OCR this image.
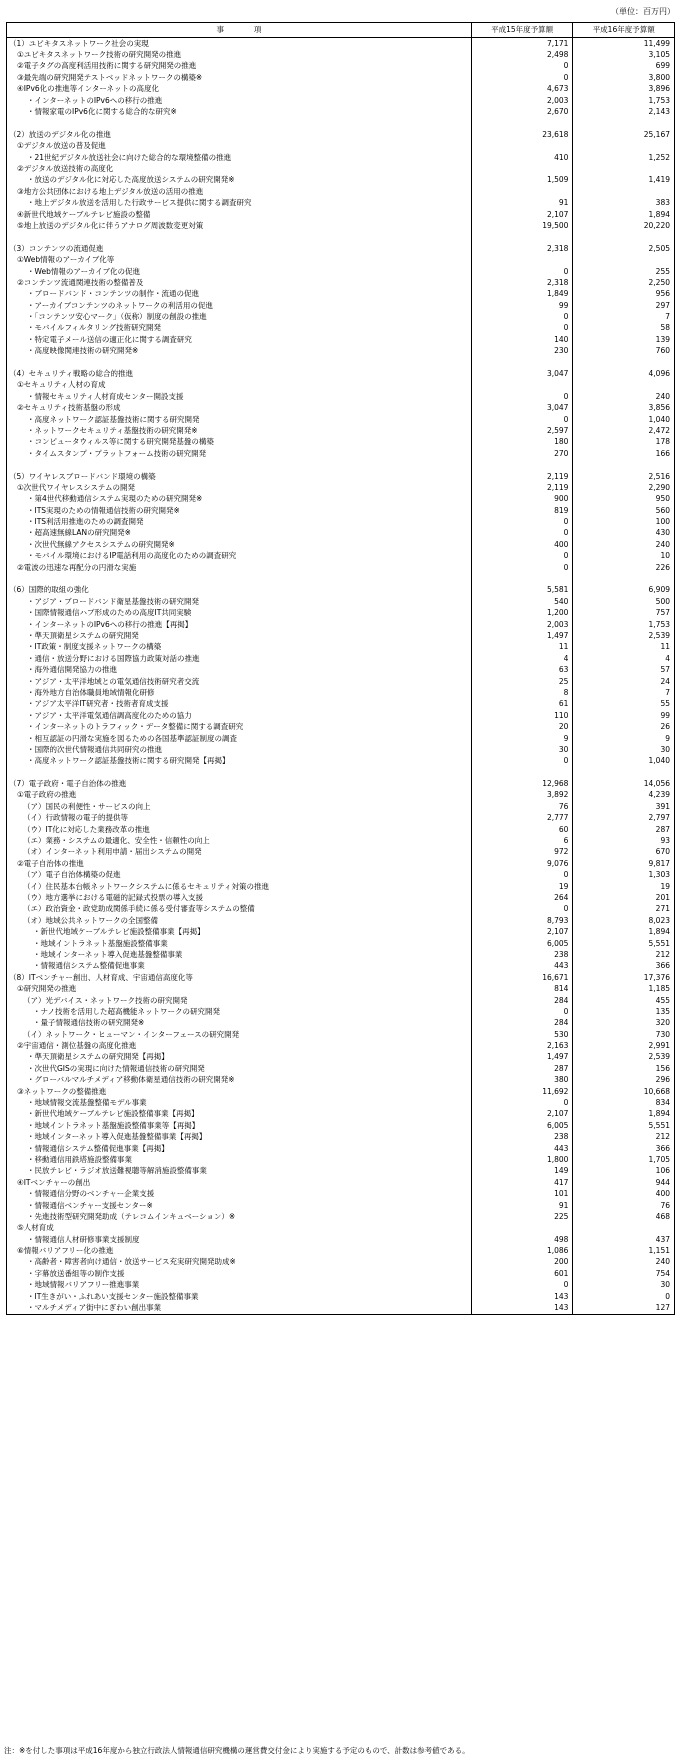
（単位：百万円）
事　　　　項	平成15年度予算額	平成16年度予算額
（1）ユビキタスネットワーク社会の実現	7,171	11,499
①ユビキタスネットワーク技術の研究開発の推進	2,498	3,105
②電子タグの高度利活用技術に関する研究開発の推進	0	699
③最先端の研究開発テストベッドネットワークの構築※	0	3,800
④IPv6化の推進等インターネットの高度化	4,673	3,896
・インターネットのIPv6への移行の推進	2,003	1,753
・情報家電のIPv6化に関する総合的な研究※	2,670	2,143

（2）放送のデジタル化の推進	23,618	25,167
①デジタル放送の普及促進		
・21世紀デジタル放送社会に向けた総合的な環境整備の推進	410	1,252
②デジタル放送技術の高度化		
・放送のデジタル化に対応した高度放送システムの研究開発※	1,509	1,419
③地方公共団体における地上デジタル放送の活用の推進		
・地上デジタル放送を活用した行政サービス提供に関する調査研究	91	383
④新世代地域ケーブルテレビ施設の整備	2,107	1,894
⑤地上放送のデジタル化に伴うアナログ周波数変更対策	19,500	20,220

（3）コンテンツの流通促進	2,318	2,505
①Web情報のアーカイブ化等		
・Web情報のアーカイブ化の促進	0	255
②コンテンツ流通関連技術の整備普及	2,318	2,250
・ブロードバンド・コンテンツの制作・流通の促進	1,849	956
・アーカイブコンテンツのネットワークの利活用の促進	99	297
・「コンテンツ安心マーク」（仮称）制度の創設の推進	0	7
・モバイルフィルタリング技術研究開発	0	58
・特定電子メール送信の適正化に関する調査研究	140	139
・高度映像関連技術の研究開発※	230	760

（4）セキュリティ戦略の総合的推進	3,047	4,096
①セキュリティ人材の育成		
・情報セキュリティ人材育成センター開設支援	0	240
②セキュリティ技術基盤の形成	3,047	3,856
・高度ネットワーク認証基盤技術に関する研究開発	0	1,040
・ネットワークセキュリティ基盤技術の研究開発※	2,597	2,472
・コンピュータウィルス等に関する研究開発基盤の構築	180	178
・タイムスタンプ・プラットフォーム技術の研究開発	270	166

（5）ワイヤレスブロードバンド環境の構築	2,119	2,516
①次世代ワイヤレスシステムの開発	2,119	2,290
・第4世代移動通信システム実現のための研究開発※	900	950
・ITS実現のための情報通信技術の研究開発※	819	560
・ITS利活用推進のための調査開発	0	100
・超高速無線LANの研究開発※	0	430
・次世代無線アクセスシステムの研究開発※	400	240
・モバイル環境におけるIP電話利用の高度化のための調査研究	0	10
②電波の迅速な再配分の円滑な実施	0	226

（6）国際的取組の強化	5,581	6,909
・アジア・ブロードバンド衛星基盤技術の研究開発	540	500
・国際情報通信ハブ形成のための高度IT共同実験	1,200	757
・インターネットのIPv6への移行の推進【再掲】	2,003	1,753
・準天頂衛星システムの研究開発	1,497	2,539
・IT政策・制度支援ネットワークの構築	11	11
・通信・放送分野における国際協力政策対話の推進	4	4
・海外通信開発協力の推進	63	57
・アジア・太平洋地域との電気通信技術研究者交流	25	24
・海外地方自治体職員地域情報化研修	8	7
・アジア太平洋IT研究者・技術者育成支援	61	55
・アジア・太平洋電気通信調高度化のための協力	110	99
・インターネットのトラフィック・データ整備に関する調査研究	20	26
・相互認証の円滑な実施を図るための各国基準認証制度の調査	9	9
・国際的次世代情報通信共同研究の推進	30	30
・高度ネットワーク認証基盤技術に関する研究開発【再掲】	0	1,040

（7）電子政府・電子自治体の推進	12,968	14,056
①電子政府の推進	3,892	4,239
（ア）国民の利便性・サービスの向上	76	391
（イ）行政情報の電子的提供等	2,777	2,797
（ウ）IT化に対応した業務改革の推進	60	287
（エ）業務・システムの最適化、安全性・信頼性の向上	6	93
（オ）インターネット利用申請・届出システムの開発	972	670
②電子自治体の推進	9,076	9,817
（ア）電子自治体構築の促進	0	1,303
（イ）住民基本台帳ネットワークシステムに係るセキュリティ対策の推進	19	19
（ウ）地方選挙における電磁的記録式投票の導入支援	264	201
（エ）政治資金・政党助成関係手続に係る受付審査等システムの整備	0	271
（オ）地域公共ネットワークの全国整備	8,793	8,023
・新世代地域ケーブルテレビ施設整備事業【再掲】	2,107	1,894
・地域イントラネット基盤施設整備事業	6,005	5,551
・地域インターネット導入促進基盤整備事業	238	212
・情報通信システム整備促進事業	443	366
（8）ITベンチャー創出、人材育成、宇宙通信高度化等	16,671	17,376
①研究開発の推進	814	1,185
（ア）光デバイス・ネットワーク技術の研究開発	284	455
・ナノ技術を活用した超高機能ネットワークの研究開発	0	135
・量子情報通信技術の研究開発※	284	320
（イ）ネットワーク・ヒューマン・インターフェースの研究開発	530	730
②宇宙通信・測位基盤の高度化推進	2,163	2,991
・準天頂衛星システムの研究開発【再掲】	1,497	2,539
・次世代GISの実現に向けた情報通信技術の研究開発	287	156
・グローバルマルチメディア移動体衛星通信技術の研究開発※	380	296
③ネットワークの整備推進	11,692	10,668
・地域情報交流基盤整備モデル事業	0	834
・新世代地域ケーブルテレビ施設整備事業【再掲】	2,107	1,894
・地域イントラネット基盤施設整備事業等【再掲】	6,005	5,551
・地域インターネット導入促進基盤整備事業【再掲】	238	212
・情報通信システム整備促進事業【再掲】	443	366
・移動通信用鉄塔施設整備事業	1,800	1,705
・民放テレビ・ラジオ放送難視聴等解消施設整備事業	149	106
④ITベンチャーの創出	417	944
・情報通信分野のベンチャー企業支援	101	400
・情報通信ベンチャー支援センター※	91	76
・先進技術型研究開発助成（テレコムインキュベーション）※	225	468
⑤人材育成		
・情報通信人材研修事業支援制度	498	437
⑥情報バリアフリー化の推進	1,086	1,151
・高齢者・障害者向け通信・放送サービス充実研究開発助成※	200	240
・字幕放送番組等の制作支援	601	754
・地域情報バリアフリー推進事業	0	30
・IT生きがい・ふれあい支援センター施設整備事業	143	0
・マルチメディア街中にぎわい創出事業	143	127
注：※を付した事項は平成16年度から独立行政法人情報通信研究機構の運営費交付金により実施する予定のもので、計数は参考値である。
